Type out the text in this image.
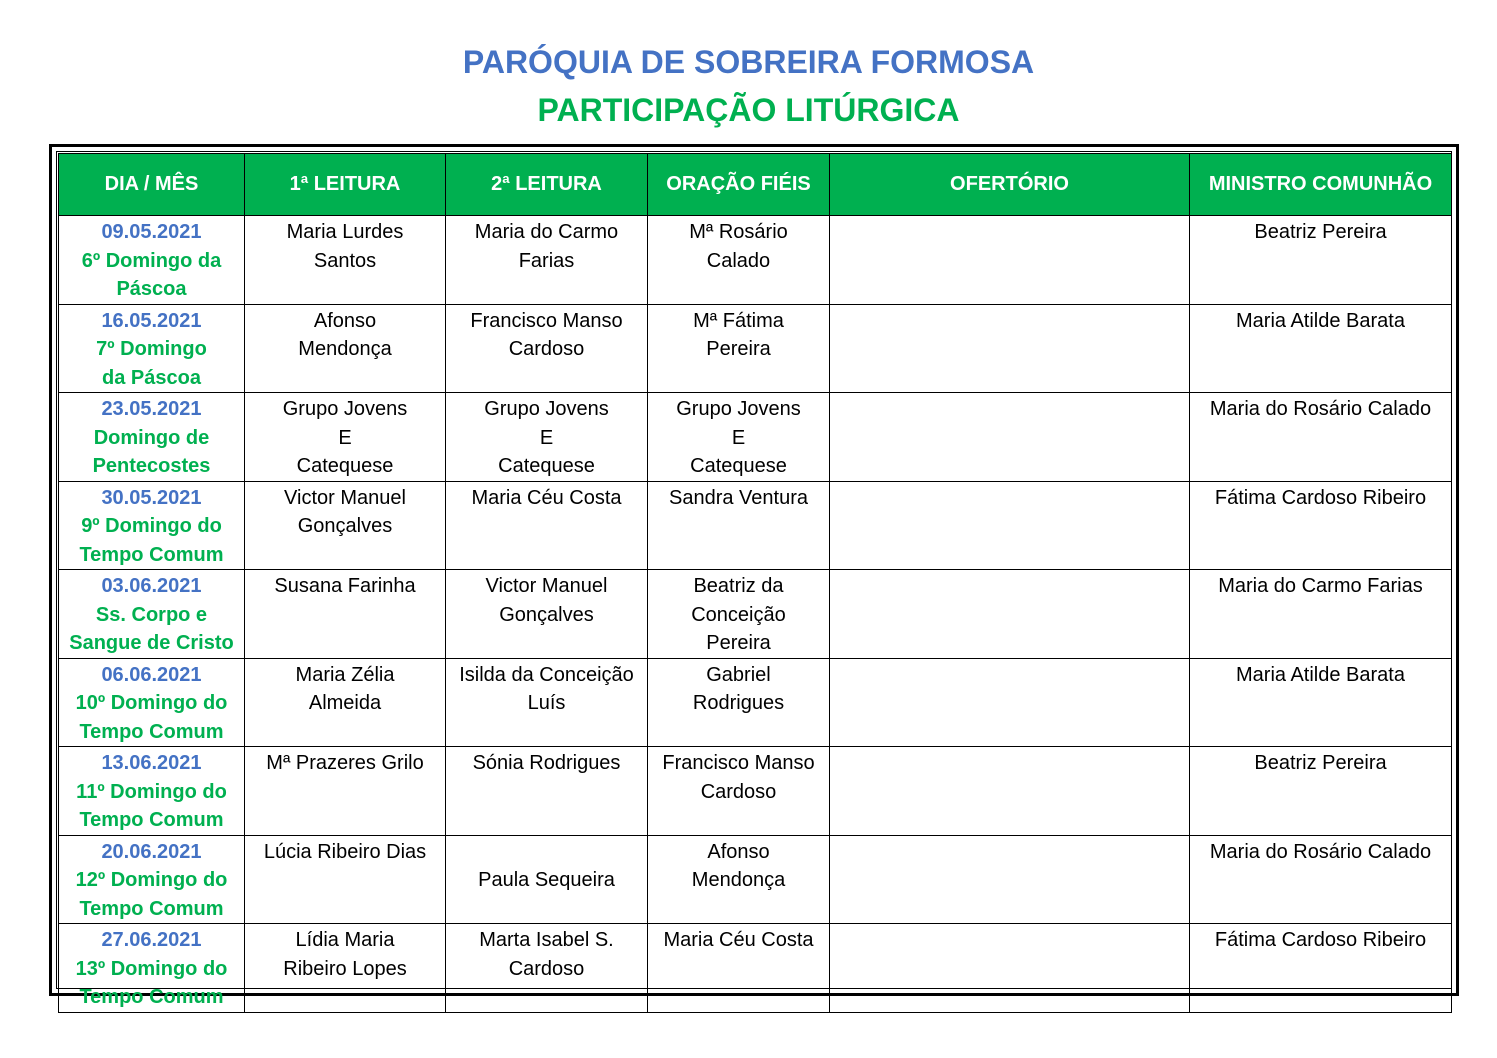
PARÓQUIA DE SOBREIRA FORMOSA
PARTICIPAÇÃO LITÚRGICA
DIA / MÊS	1ª LEITURA	2ª LEITURA	ORAÇÃO FIÉIS	OFERTÓRIO	MINISTRO COMUNHÃO

09.05.2021
6º Domingo da
Páscoa	Maria Lurdes
Santos	Maria do Carmo
Farias	Mª Rosário
Calado		Beatriz Pereira

16.05.2021
7º Domingo
da Páscoa	Afonso
Mendonça	Francisco Manso
Cardoso	Mª Fátima
Pereira		Maria Atilde Barata

23.05.2021
Domingo de
Pentecostes	Grupo Jovens
E
Catequese	Grupo Jovens
E
Catequese	Grupo Jovens
E
Catequese		Maria do Rosário Calado

30.05.2021
9º Domingo do
Tempo Comum	Victor Manuel
Gonçalves	Maria Céu Costa	Sandra Ventura		Fátima Cardoso Ribeiro

03.06.2021
Ss. Corpo e
Sangue de Cristo	Susana Farinha	Victor Manuel
Gonçalves	Beatriz da
Conceição
Pereira		Maria do Carmo Farias

06.06.2021
10º Domingo do
Tempo Comum	Maria Zélia
Almeida	Isilda da Conceição
Luís	Gabriel
Rodrigues		Maria Atilde Barata

13.06.2021
11º Domingo do
Tempo Comum	Mª Prazeres Grilo	Sónia Rodrigues	Francisco Manso
Cardoso		Beatriz Pereira

20.06.2021
12º Domingo do
Tempo Comum	Lúcia Ribeiro Dias	Paula Sequeira	Afonso
Mendonça		Maria do Rosário Calado

27.06.2021
13º Domingo do
Tempo Comum	Lídia Maria
Ribeiro Lopes	Marta Isabel S.
Cardoso	Maria Céu Costa		Fátima Cardoso Ribeiro
